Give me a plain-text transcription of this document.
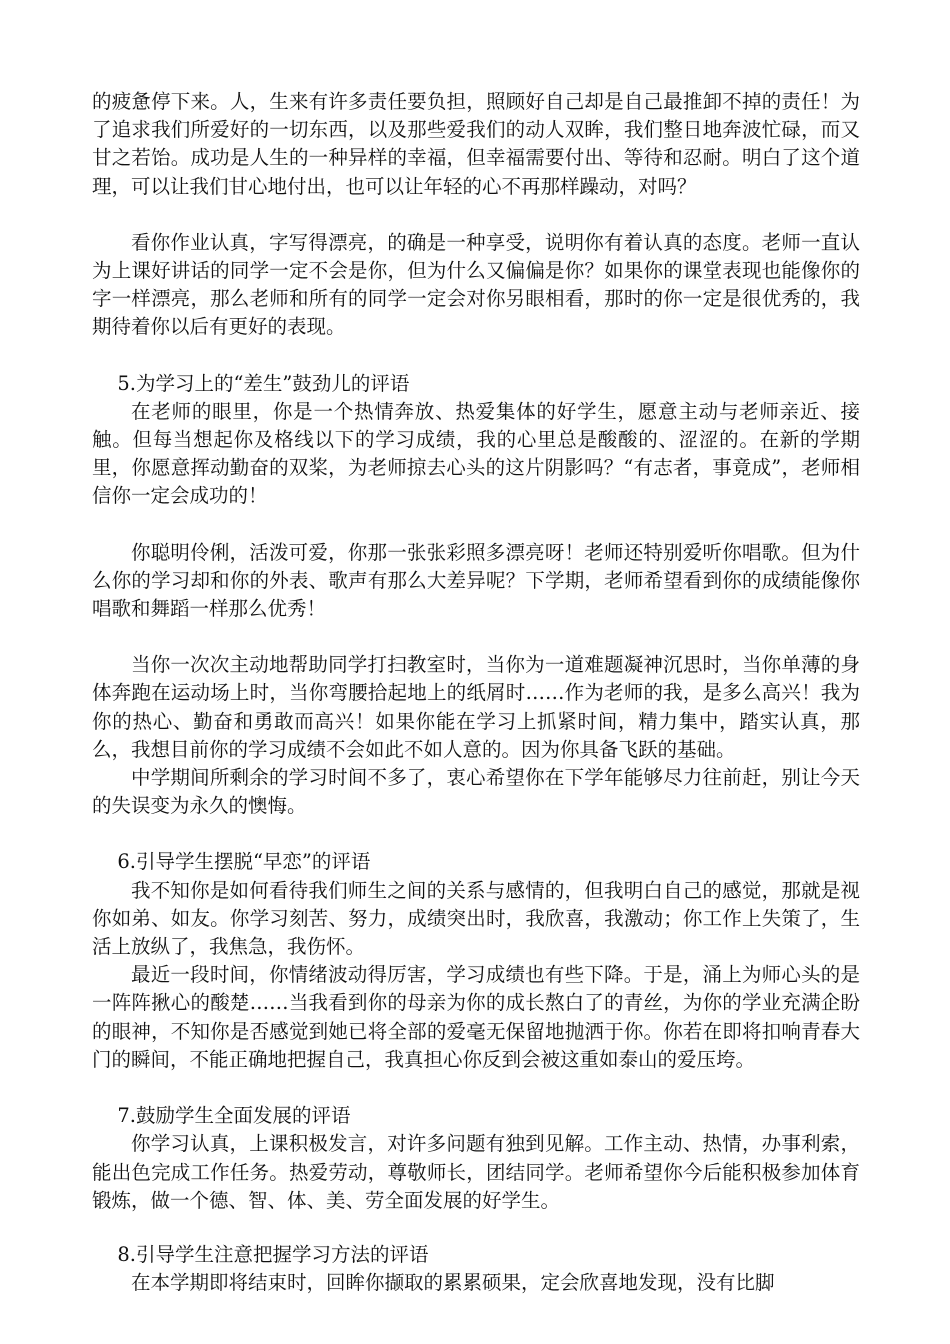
的疲惫停下来。人，生来有许多责任要负担，照顾好自己却是自己最推卸不掉的责任！为了追求我们所爱好的一切东西，以及那些爱我们的动人双眸，我们整日地奔波忙碌，而又甘之若饴。成功是人生的一种异样的幸福，但幸福需要付出、等待和忍耐。明白了这个道理，可以让我们甘心地付出，也可以让年轻的心不再那样躁动，对吗？

看你作业认真，字写得漂亮，的确是一种享受，说明你有着认真的态度。老师一直认为上课好讲话的同学一定不会是你，但为什么又偏偏是你？如果你的课堂表现也能像你的字一样漂亮，那么老师和所有的同学一定会对你另眼相看，那时的你一定是很优秀的，我期待着你以后有更好的表现。

5.为学习上的“差生”鼓劲儿的评语

在老师的眼里，你是一个热情奔放、热爱集体的好学生，愿意主动与老师亲近、接触。但每当想起你及格线以下的学习成绩，我的心里总是酸酸的、涩涩的。在新的学期里，你愿意挥动勤奋的双桨，为老师掠去心头的这片阴影吗？“有志者，事竟成”，老师相信你一定会成功的！

你聪明伶俐，活泼可爱，你那一张张彩照多漂亮呀！老师还特别爱听你唱歌。但为什么你的学习却和你的外表、歌声有那么大差异呢？下学期，老师希望看到你的成绩能像你唱歌和舞蹈一样那么优秀！

当你一次次主动地帮助同学打扫教室时，当你为一道难题凝神沉思时，当你单薄的身体奔跑在运动场上时，当你弯腰拾起地上的纸屑时……作为老师的我，是多么高兴！我为你的热心、勤奋和勇敢而高兴！如果你能在学习上抓紧时间，精力集中，踏实认真，那么，我想目前你的学习成绩不会如此不如人意的。因为你具备飞跃的基础。

中学期间所剩余的学习时间不多了，衷心希望你在下学年能够尽力往前赶，别让今天的失误变为永久的懊悔。

6.引导学生摆脱“早恋”的评语

我不知你是如何看待我们师生之间的关系与感情的，但我明白自己的感觉，那就是视你如弟、如友。你学习刻苦、努力，成绩突出时，我欣喜，我激动；你工作上失策了，生活上放纵了，我焦急，我伤怀。

最近一段时间，你情绪波动得厉害，学习成绩也有些下降。于是，涌上为师心头的是一阵阵揪心的酸楚……当我看到你的母亲为你的成长熬白了的青丝，为你的学业充满企盼的眼神，不知你是否感觉到她已将全部的爱毫无保留地抛洒于你。你若在即将扣响青春大门的瞬间，不能正确地把握自己，我真担心你反到会被这重如泰山的爱压垮。

7.鼓励学生全面发展的评语

你学习认真，上课积极发言，对许多问题有独到见解。工作主动、热情，办事利索，能出色完成工作任务。热爱劳动，尊敬师长，团结同学。老师希望你今后能积极参加体育锻炼，做一个德、智、体、美、劳全面发展的好学生。

8.引导学生注意把握学习方法的评语

在本学期即将结束时，回眸你撷取的累累硕果，定会欣喜地发现，没有比脚
